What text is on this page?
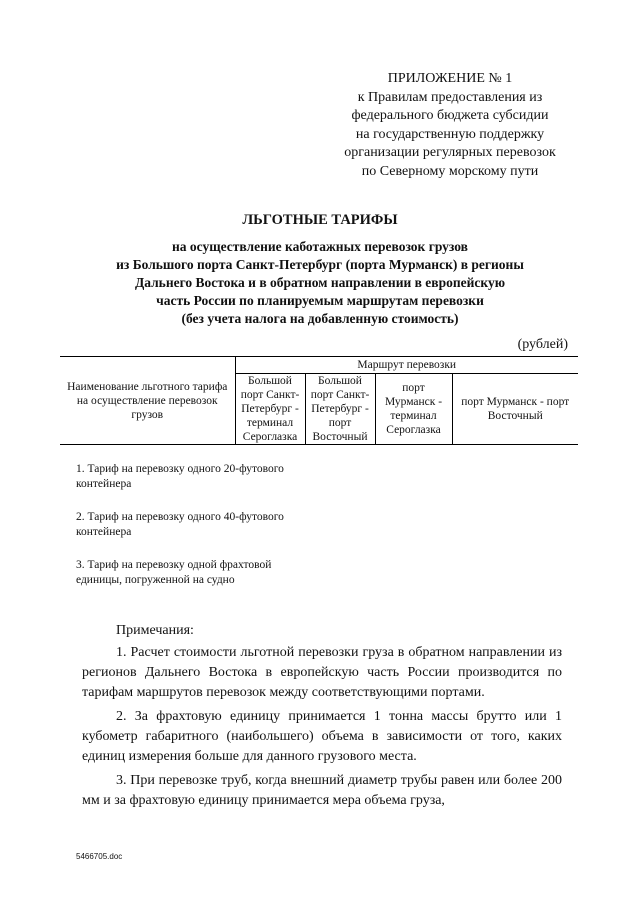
ПРИЛОЖЕНИЕ № 1
к Правилам предоставления из
федерального бюджета субсидии
на государственную поддержку
организации регулярных перевозок
по Северному морскому пути
ЛЬГОТНЫЕ ТАРИФЫ
на осуществление каботажных перевозок грузов
из Большого порта Санкт-Петербург (порта Мурманск) в регионы
Дальнего Востока и в обратном направлении в европейскую
часть России по планируемым маршрутам перевозки
(без учета налога на добавленную стоимость)
(рублей)
Наименование льготного тарифа на осуществление перевозок грузов	Маршрут перевозки			
	Большой порт Санкт-Петербург - терминал Сероглазка	Большой порт Санкт-Петербург - порт Восточный	порт Мурманск - терминал Сероглазка	порт Мурманск - порт Восточный
1. Тариф на перевозку одного 20-футового контейнера
2. Тариф на перевозку одного 40-футового контейнера
3. Тариф на перевозку одной фрахтовой единицы, погруженной на судно
Примечания:

1. Расчет стоимости льготной перевозки груза в обратном направлении из регионов Дальнего Востока в европейскую часть России производится по тарифам маршрутов перевозок между соответствующими портами.

2. За фрахтовую единицу принимается 1 тонна массы брутто или 1 кубометр габаритного (наибольшего) объема в зависимости от того, каких единиц измерения больше для данного грузового места.

3. При перевозке труб, когда внешний диаметр трубы равен или более 200 мм и за фрахтовую единицу принимается мера объема груза,

5466705.doc
